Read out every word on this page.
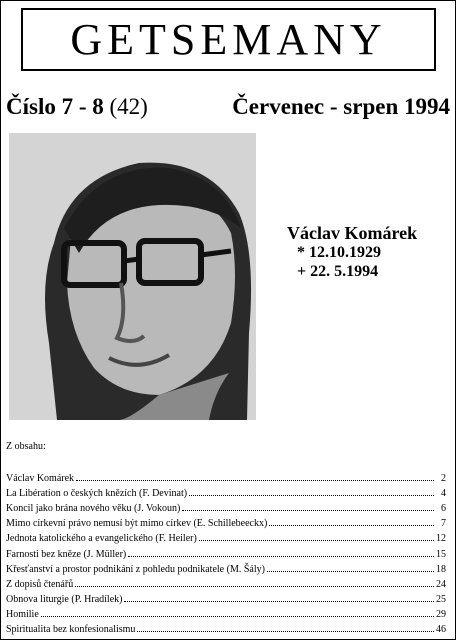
GETSEMANY
Číslo 7 - 8 (42)	Červenec - srpen 1994
Václav Komárek
* 12.10.1929
+ 22. 5.1994
Z obsahu:
Václav Komárek	2
La Libération o českých knězích (F. Devinat)	4
Koncil jako brána nového věku (J. Vokoun)	6
Mimo církevní právo nemusí být mimo církev (E. Schillebeeckx)	7
Jednota katolického a evangelického (F. Heiler)	12
Farnosti bez kněze (J. Müller)	15
Křesťanství a prostor podnikání z pohledu podnikatele (M. Šály)	18
Z dopisů čtenářů	24
Obnova liturgie (P. Hradílek)	25
Homilie	29
Spiritualita bez konfesionalismu	46
